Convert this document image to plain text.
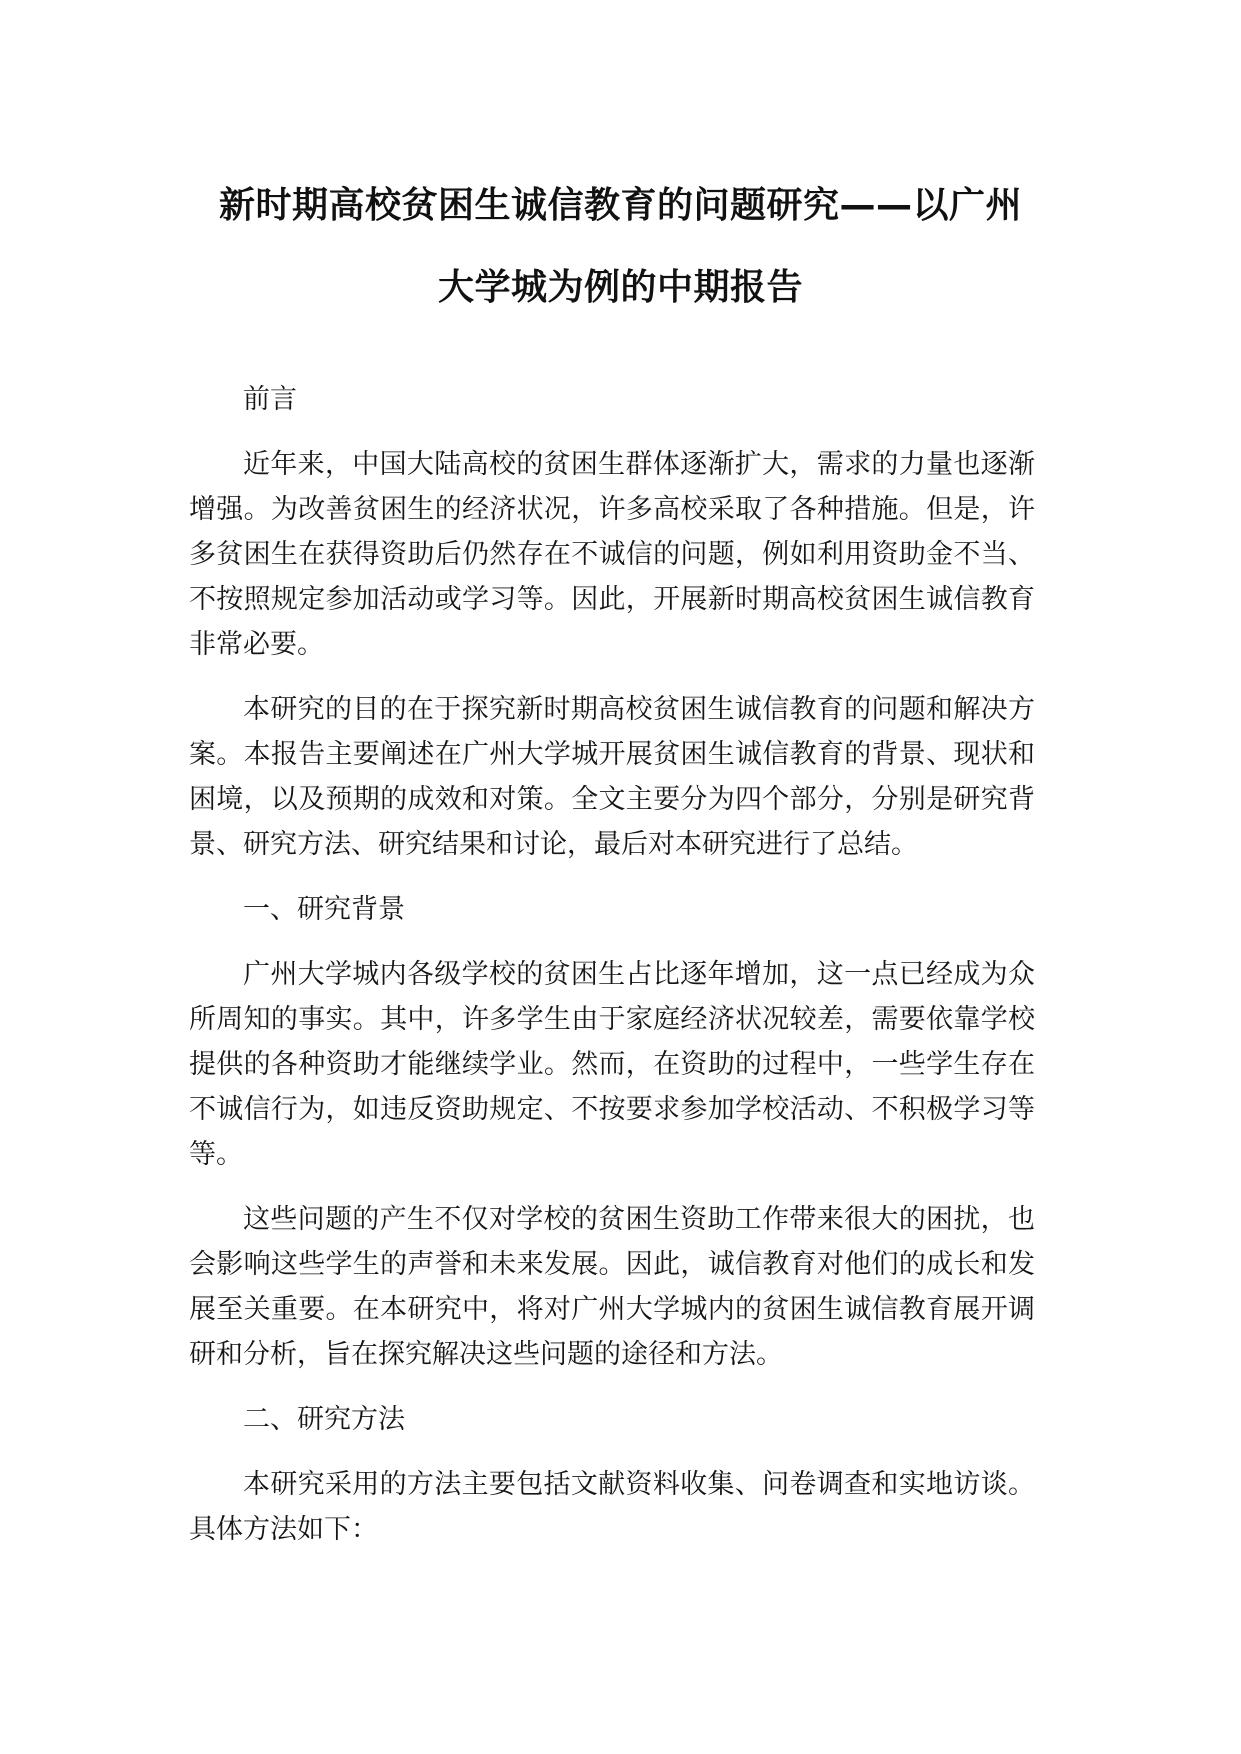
新时期高校贫困生诚信教育的问题研究——以广州
大学城为例的中期报告

前言

近年来，中国大陆高校的贫困生群体逐渐扩大，需求的力量也逐渐增强。为改善贫困生的经济状况，许多高校采取了各种措施。但是，许多贫困生在获得资助后仍然存在不诚信的问题，例如利用资助金不当、不按照规定参加活动或学习等。因此，开展新时期高校贫困生诚信教育非常必要。

本研究的目的在于探究新时期高校贫困生诚信教育的问题和解决方案。本报告主要阐述在广州大学城开展贫困生诚信教育的背景、现状和困境，以及预期的成效和对策。全文主要分为四个部分，分别是研究背景、研究方法、研究结果和讨论，最后对本研究进行了总结。

一、研究背景

广州大学城内各级学校的贫困生占比逐年增加，这一点已经成为众所周知的事实。其中，许多学生由于家庭经济状况较差，需要依靠学校提供的各种资助才能继续学业。然而，在资助的过程中，一些学生存在不诚信行为，如违反资助规定、不按要求参加学校活动、不积极学习等等。

这些问题的产生不仅对学校的贫困生资助工作带来很大的困扰，也会影响这些学生的声誉和未来发展。因此，诚信教育对他们的成长和发展至关重要。在本研究中，将对广州大学城内的贫困生诚信教育展开调研和分析，旨在探究解决这些问题的途径和方法。

二、研究方法

本研究采用的方法主要包括文献资料收集、问卷调查和实地访谈。具体方法如下：
